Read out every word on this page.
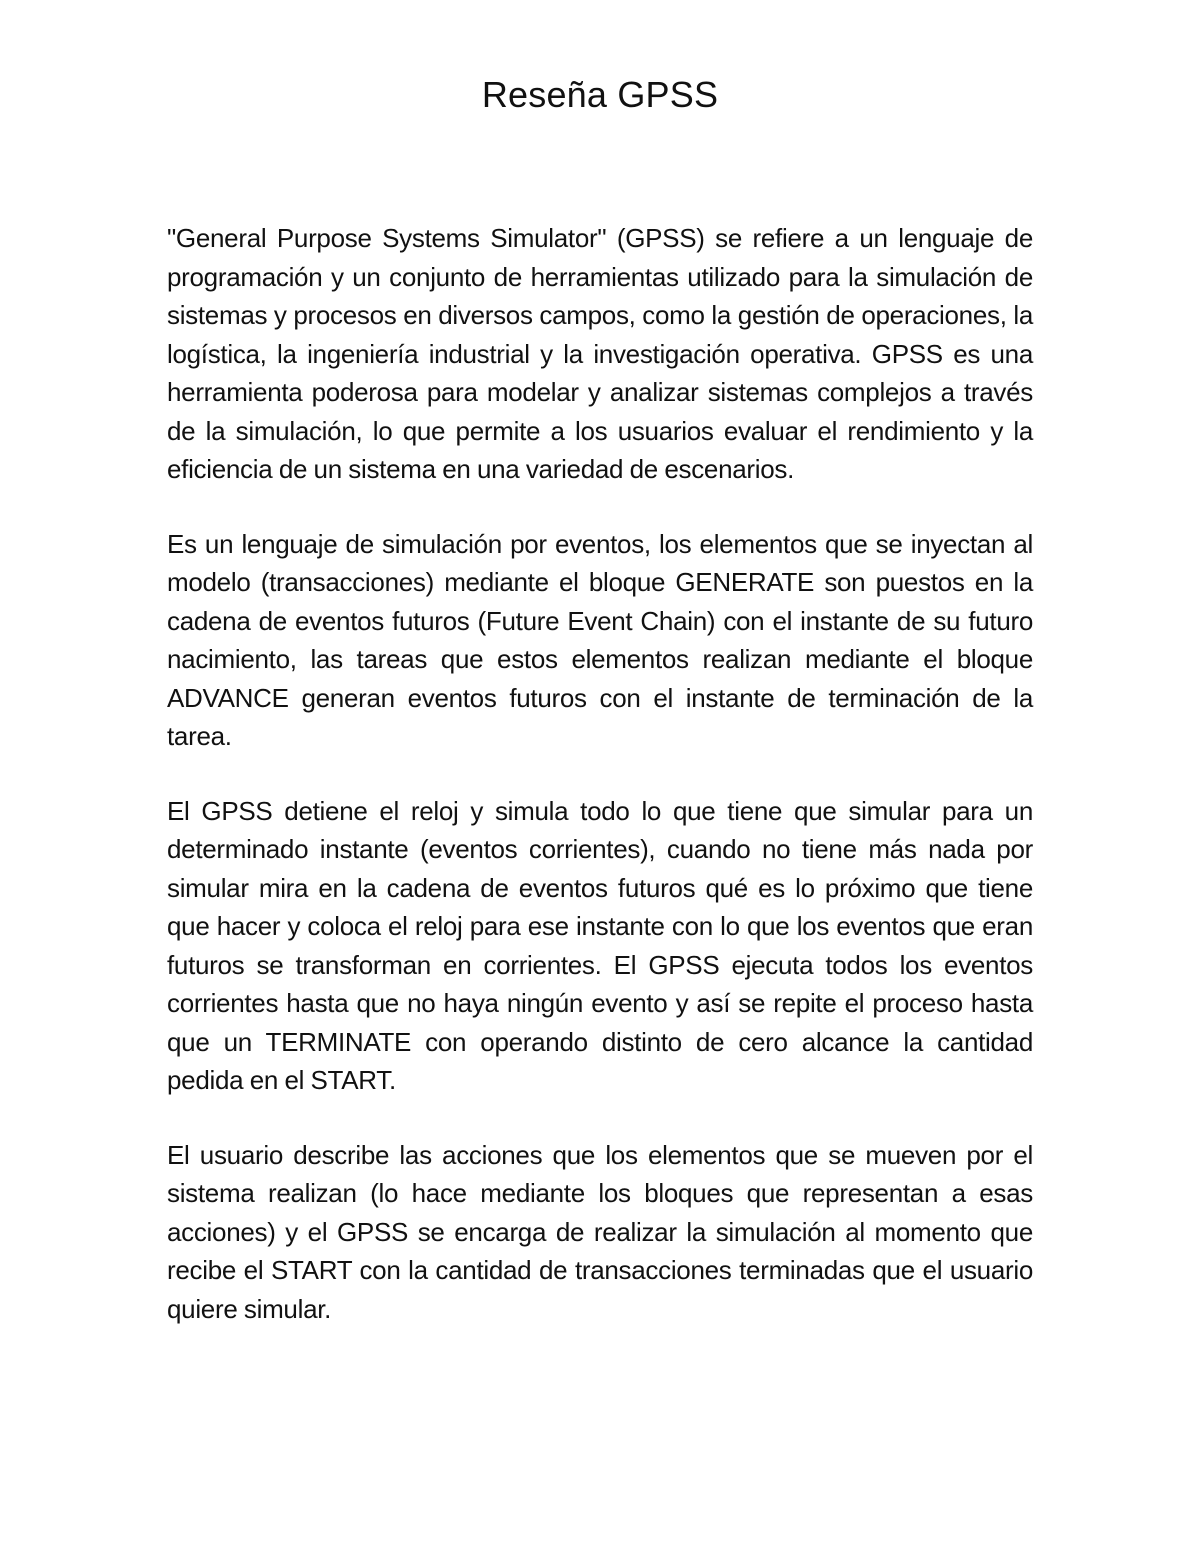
Reseña GPSS

"General Purpose Systems Simulator" (GPSS) se refiere a un lenguaje de programación y un conjunto de herramientas utilizado para la simulación de sistemas y procesos en diversos campos, como la gestión de operaciones, la logística, la ingeniería industrial y la investigación operativa. GPSS es una herramienta poderosa para modelar y analizar sistemas complejos a través de la simulación, lo que permite a los usuarios evaluar el rendimiento y la eficiencia de un sistema en una variedad de escenarios.

Es un lenguaje de simulación por eventos, los elementos que se inyectan al modelo (transacciones) mediante el bloque GENERATE son puestos en la cadena de eventos futuros (Future Event Chain) con el instante de su futuro nacimiento, las tareas que estos elementos realizan mediante el bloque ADVANCE generan eventos futuros con el instante de terminación de la tarea.

El GPSS detiene el reloj y simula todo lo que tiene que simular para un determinado instante (eventos corrientes), cuando no tiene más nada por simular mira en la cadena de eventos futuros qué es lo próximo que tiene que hacer y coloca el reloj para ese instante con lo que los eventos que eran futuros se transforman en corrientes. El GPSS ejecuta todos los eventos corrientes hasta que no haya ningún evento y así se repite el proceso hasta que un TERMINATE con operando distinto de cero alcance la cantidad pedida en el START.

El usuario describe las acciones que los elementos que se mueven por el sistema realizan (lo hace mediante los bloques que representan a esas acciones) y el GPSS se encarga de realizar la simulación al momento que recibe el START con la cantidad de transacciones terminadas que el usuario quiere simular.
